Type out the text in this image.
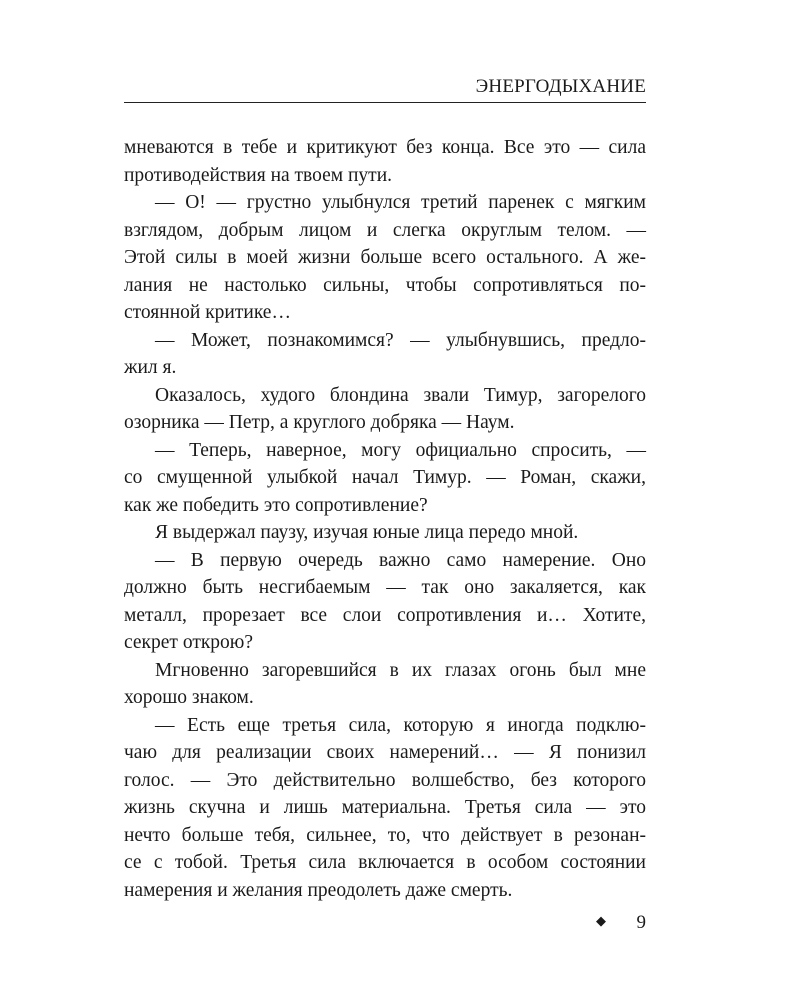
ЭНЕРГОДЫХАНИЕ
мневаются в тебе и критикуют без конца. Все это — сила
противодействия на твоем пути.
— О! — грустно улыбнулся третий паренек с мягким
взглядом, добрым лицом и слегка округлым телом. —
Этой силы в моей жизни больше всего остального. А же-
лания не настолько сильны, чтобы сопротивляться по-
стоянной критике…
— Может, познакомимся? — улыбнувшись, предло-
жил я.
Оказалось, худого блондина звали Тимур, загорелого
озорника — Петр, а круглого добряка — Наум.
— Теперь, наверное, могу официально спросить, —
со смущенной улыбкой начал Тимур. — Роман, скажи,
как же победить это сопротивление?
Я выдержал паузу, изучая юные лица передо мной.
— В первую очередь важно само намерение. Оно
должно быть несгибаемым — так оно закаляется, как
металл, прорезает все слои сопротивления и… Хотите,
секрет открою?
Мгновенно загоревшийся в их глазах огонь был мне
хорошо знаком.
— Есть еще третья сила, которую я иногда подклю-
чаю для реализации своих намерений… — Я понизил
голос. — Это действительно волшебство, без которого
жизнь скучна и лишь материальна. Третья сила — это
нечто больше тебя, сильнее, то, что действует в резонан-
се с тобой. Третья сила включается в особом состоянии
намерения и желания преодолеть даже смерть.
◆ 9
